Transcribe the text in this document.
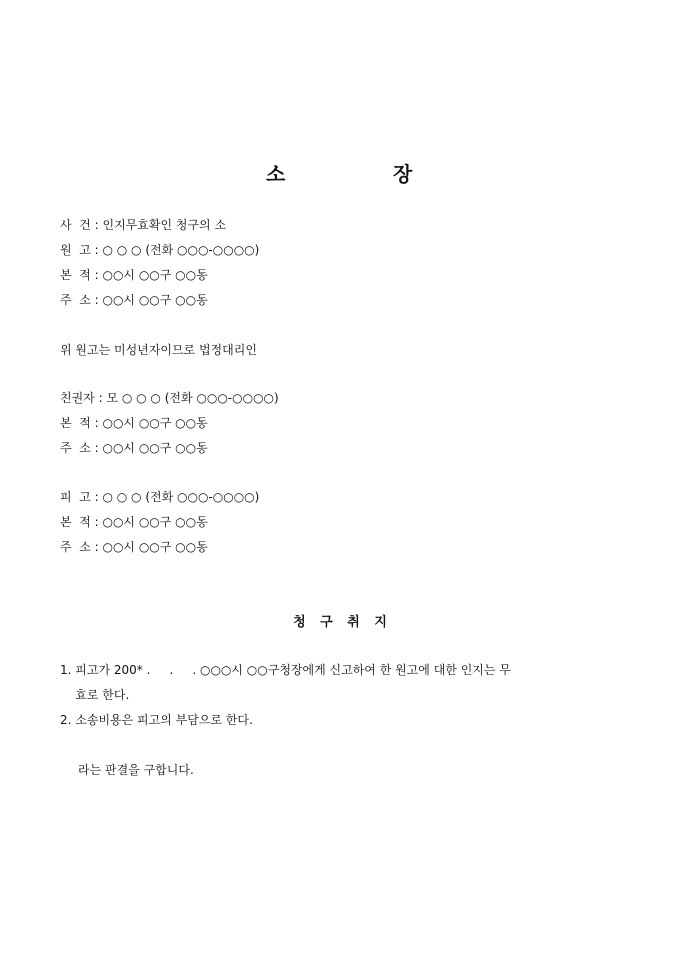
소	장
사  건 : 인지무효확인 청구의 소
원  고 : ○ ○ ○ (전화 ○○○-○○○○)
본  적 : ○○시 ○○구 ○○동
주  소 : ○○시 ○○구 ○○동
위 원고는 미성년자이므로 법정대리인
친권자 : 모 ○ ○ ○ (전화 ○○○-○○○○)
본  적 : ○○시 ○○구 ○○동
주  소 : ○○시 ○○구 ○○동
피  고 : ○ ○ ○ (전화 ○○○-○○○○)
본  적 : ○○시 ○○구 ○○동
주  소 : ○○시 ○○구 ○○동
청 구 취 지
1. 피고가 200* .     .     . ○○○시 ○○구청장에게 신고하여 한 원고에 대한 인지는 무
효로 한다.
2. 소송비용은 피고의 부담으로 한다.
라는 판결을 구합니다.
